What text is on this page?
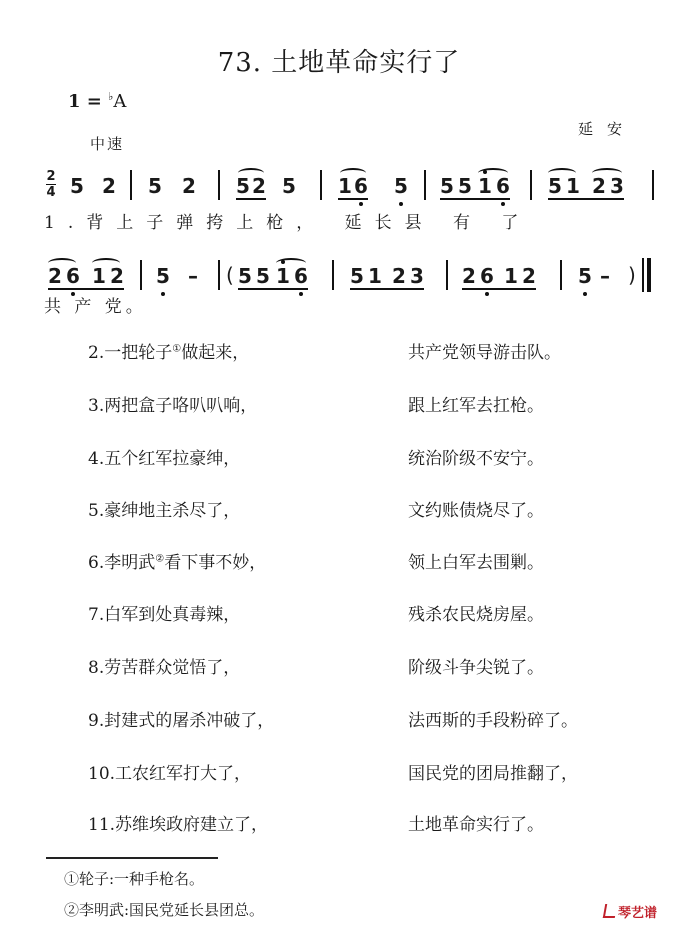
73. 土地革命实行了
1 = ♭A
中速
延安
2
4 5 2 5 2 5 2 5 1 6 5 5 5 1 6 5 1 2 3
1.背上子弹挎上枪， 延长县 有 了
2 6 1 2 5 – ( 5 5 1 6 5 1 2 3 2 6 1 2 5 – )
共 产 党。
2.一把轮子①做起来，	共产党领导游击队。
3.两把盒子咯叭叭响，	跟上红军去扛枪。
4.五个红军拉豪绅，	统治阶级不安宁。
5.豪绅地主杀尽了，	文约账债烧尽了。
6.李明武②看下事不妙，	领上白军去围剿。
7.白军到处真毒辣，	残杀农民烧房屋。
8.劳苦群众觉悟了，	阶级斗争尖锐了。
9.封建式的屠杀冲破了，	法西斯的手段粉碎了。
10.工农红军打大了，	国民党的团局推翻了，
11.苏维埃政府建立了，	土地革命实行了。
①轮子:一种手枪名。
②李明武:国民党延长县团总。	琴艺谱
